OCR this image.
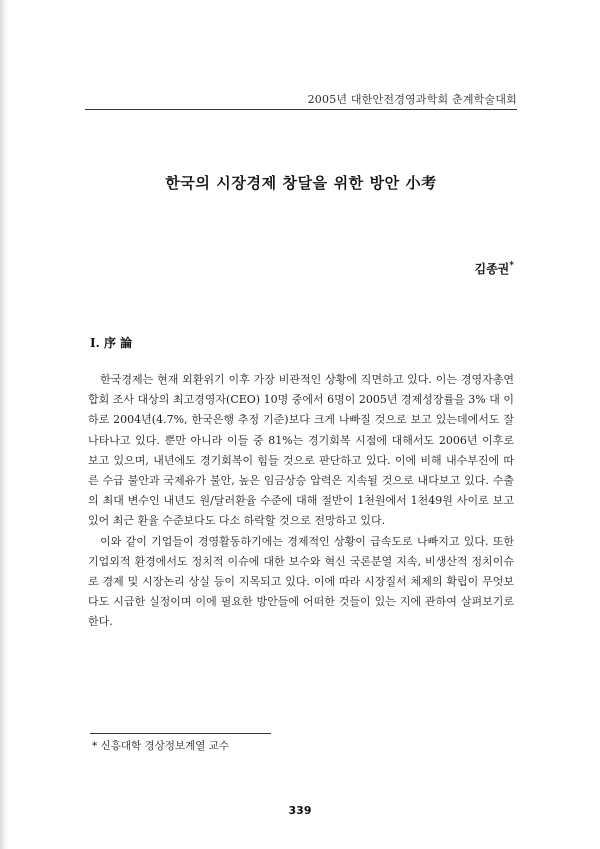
2005년 대한안전경영과학회 춘계학술대회
한국의 시장경제 창달을 위한 방안 小考
김종권*
I. 序 論

한국경제는 현재 외환위기 이후 가장 비관적인 상황에 직면하고 있다. 이는 경영자총연합회 조사 대상의 최고경영자(CEO) 10명 중에서 6명이 2005년 경제성장률을 3% 대 이하로 2004년(4.7%, 한국은행 추정 기준)보다 크게 나빠질 것으로 보고 있는데에서도 잘 나타나고 있다. 뿐만 아니라 이들 중 81%는 경기회복 시점에 대해서도 2006년 이후로 보고 있으며, 내년에도 경기회복이 힘들 것으로 판단하고 있다. 이에 비해 내수부진에 따른 수급 불안과 국제유가 불안, 높은 임금상승 압력은 지속될 것으로 내다보고 있다. 수출의 최대 변수인 내년도 원/달러환율 수준에 대해 절반이 1천원에서 1천49원 사이로 보고 있어 최근 환율 수준보다도 다소 하락할 것으로 전망하고 있다.

이와 같이 기업들이 경영활동하기에는 경제적인 상황이 급속도로 나빠지고 있다. 또한 기업외적 환경에서도 정치적 이슈에 대한 보수와 혁신 국론분열 지속, 비생산적 정치이슈로 경제 및 시장논리 상실 등이 지목되고 있다. 이에 따라 시장질서 체제의 확립이 무엇보다도 시급한 실정이며 이에 필요한 방안들에 어떠한 것들이 있는 지에 관하여 살펴보기로 한다.

* 신흥대학 경상정보계열 교수
339
